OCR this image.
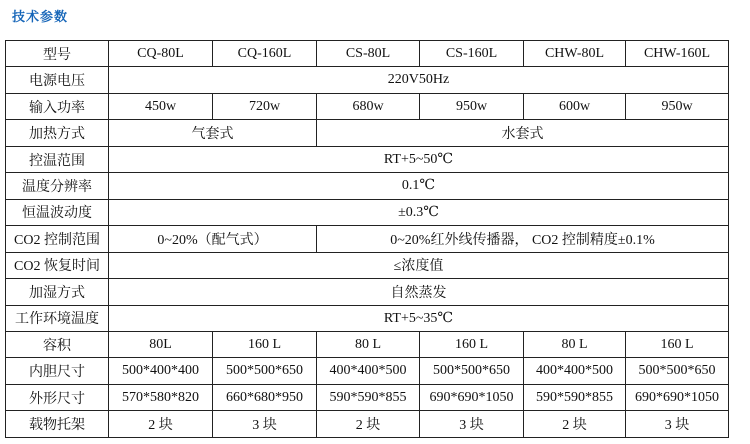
技术参数
型号	CQ-80L	CQ-160L	CS-80L	CS-160L	CHW-80L	CHW-160L
电源电压	220V50Hz					
输入功率	450w	720w	680w	950w	600w	950w
加热方式	气套式		水套式			
控温范围	RT+5~50℃					
温度分辨率	0.1℃					
恒温波动度	±0.3℃					
CO2 控制范围	0~20%（配气式）		0~20%红外线传播器， CO2 控制精度±0.1%			
CO2 恢复时间	≤浓度值					
加湿方式	自然蒸发					
工作环境温度	RT+5~35℃					
容积	80L	160 L	80 L	160 L	80 L	160 L
内胆尺寸	500*400*400	500*500*650	400*400*500	500*500*650	400*400*500	500*500*650
外形尺寸	570*580*820	660*680*950	590*590*855	690*690*1050	590*590*855	690*690*1050
载物托架	2 块	3 块	2 块	3 块	2 块	3 块
